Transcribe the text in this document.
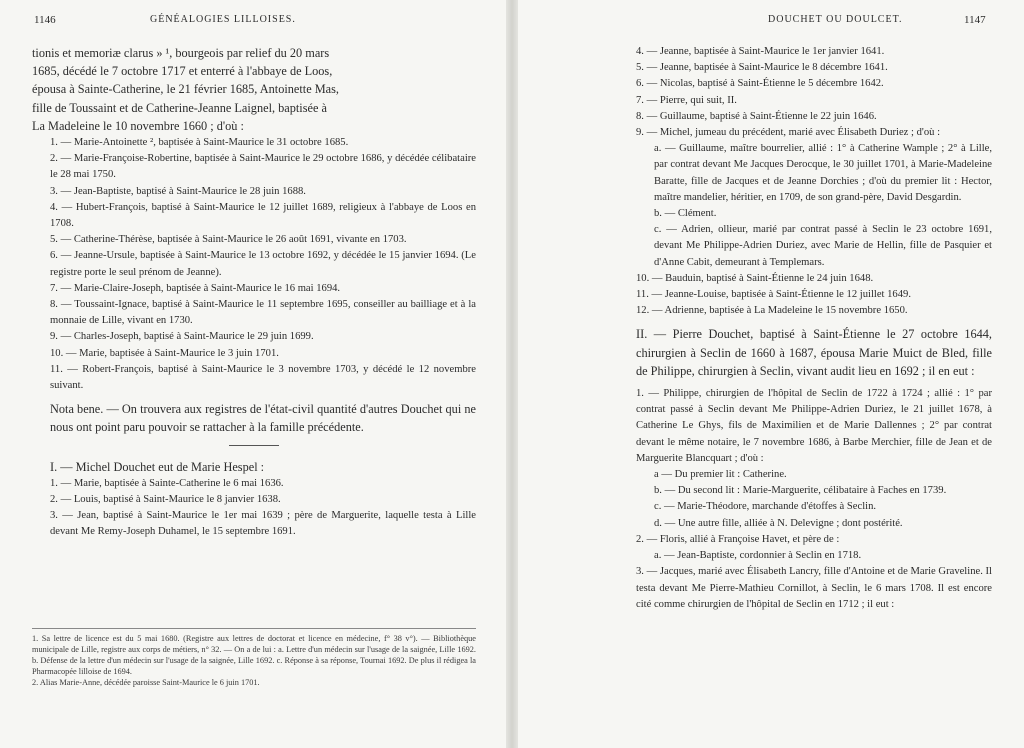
1146	GÉNÉALOGIES LILLOISES.
tionis et memoriæ clarus » ¹, bourgeois par relief du 20 mars
1685, décédé le 7 octobre 1717 et enterré à l'abbaye de Loos,
épousa à Sainte-Catherine, le 21 février 1685, Antoinette Mas,
fille de Toussaint et de Catherine-Jeanne Laignel, baptisée à
La Madeleine le 10 novembre 1660 ; d'où :
1. — Marie-Antoinette ², baptisée à Saint-Maurice le 31 octobre 1685.
2. — Marie-Françoise-Robertine, baptisée à Saint-Maurice le 29 octobre 1686, y décédée célibataire le 28 mai 1750.
3. — Jean-Baptiste, baptisé à Saint-Maurice le 28 juin 1688.
4. — Hubert-François, baptisé à Saint-Maurice le 12 juillet 1689, religieux à l'abbaye de Loos en 1708.
5. — Catherine-Thérèse, baptisée à Saint-Maurice le 26 août 1691, vivante en 1703.
6. — Jeanne-Ursule, baptisée à Saint-Maurice le 13 octobre 1692, y décédée le 15 janvier 1694. (Le registre porte le seul prénom de Jeanne).
7. — Marie-Claire-Joseph, baptisée à Saint-Maurice le 16 mai 1694.
8. — Toussaint-Ignace, baptisé à Saint-Maurice le 11 septembre 1695, conseiller au bailliage et à la monnaie de Lille, vivant en 1730.
9. — Charles-Joseph, baptisé à Saint-Maurice le 29 juin 1699.
10. — Marie, baptisée à Saint-Maurice le 3 juin 1701.
11. — Robert-François, baptisé à Saint-Maurice le 3 novembre 1703, y décédé le 12 novembre suivant.
Nota bene. — On trouvera aux registres de l'état-civil quantité d'autres Douchet qui ne nous ont point paru pouvoir se rattacher à la famille précédente.
I. — Michel Douchet eut de Marie Hespel :
1. — Marie, baptisée à Sainte-Catherine le 6 mai 1636.
2. — Louis, baptisé à Saint-Maurice le 8 janvier 1638.
3. — Jean, baptisé à Saint-Maurice le 1er mai 1639 ; père de Marguerite, laquelle testa à Lille devant Me Remy-Joseph Duhamel, le 15 septembre 1691.
1. Sa lettre de licence est du 5 mai 1680. (Registre aux lettres de doctorat et licence en médecine, f° 38 v°). — Bibliothèque municipale de Lille, registre aux corps de métiers, n° 32. — On a de lui : a. Lettre d'un médecin sur l'usage de la saignée, Lille 1692. b. Défense de la lettre d'un médecin sur l'usage de la saignée, Lille 1692. c. Réponse à sa réponse, Tournai 1692. De plus il rédigea la Pharmacopée lilloise de 1694.
2. Alias Marie-Anne, décédée paroisse Saint-Maurice le 6 juin 1701.
DOUCHET OU DOULCET.	1147
4. — Jeanne, baptisée à Saint-Maurice le 1er janvier 1641.
5. — Jeanne, baptisée à Saint-Maurice le 8 décembre 1641.
6. — Nicolas, baptisé à Saint-Étienne le 5 décembre 1642.
7. — Pierre, qui suit, II.
8. — Guillaume, baptisé à Saint-Étienne le 22 juin 1646.
9. — Michel, jumeau du précédent, marié avec Élisabeth Duriez ; d'où :
a. — Guillaume, maître bourrelier, allié : 1° à Catherine Wample ; 2° à Lille, par contrat devant Me Jacques Derocque, le 30 juillet 1701, à Marie-Madeleine Baratte, fille de Jacques et de Jeanne Dorchies ; d'où du premier lit : Hector, maître mandelier, héritier, en 1709, de son grand-père, David Desgardin.
b. — Clément.
c. — Adrien, ollieur, marié par contrat passé à Seclin le 23 octobre 1691, devant Me Philippe-Adrien Duriez, avec Marie de Hellin, fille de Pasquier et d'Anne Cabit, demeurant à Templemars.
10. — Bauduin, baptisé à Saint-Étienne le 24 juin 1648.
11. — Jeanne-Louise, baptisée à Saint-Étienne le 12 juillet 1649.
12. — Adrienne, baptisée à La Madeleine le 15 novembre 1650.
II. — Pierre Douchet, baptisé à Saint-Étienne le 27 octobre 1644, chirurgien à Seclin de 1660 à 1687, épousa Marie Muict de Bled, fille de Philippe, chirurgien à Seclin, vivant audit lieu en 1692 ; il en eut :
1. — Philippe, chirurgien de l'hôpital de Seclin de 1722 à 1724 ; allié : 1° par contrat passé à Seclin devant Me Philippe-Adrien Duriez, le 21 juillet 1678, à Catherine Le Ghys, fils de Maximilien et de Marie Dallennes ; 2° par contrat devant le même notaire, le 7 novembre 1686, à Barbe Merchier, fille de Jean et de Marguerite Blancquart ; d'où :
a — Du premier lit : Catherine.
b. — Du second lit : Marie-Marguerite, célibataire à Faches en 1739.
c. — Marie-Théodore, marchande d'étoffes à Seclin.
d. — Une autre fille, alliée à N. Delevigne ; dont postérité.
2. — Floris, allié à Françoise Havet, et père de :
a. — Jean-Baptiste, cordonnier à Seclin en 1718.
3. — Jacques, marié avec Élisabeth Lancry, fille d'Antoine et de Marie Graveline. Il testa devant Me Pierre-Mathieu Cornillot, à Seclin, le 6 mars 1708. Il est encore cité comme chirurgien de l'hôpital de Seclin en 1712 ; il eut :
